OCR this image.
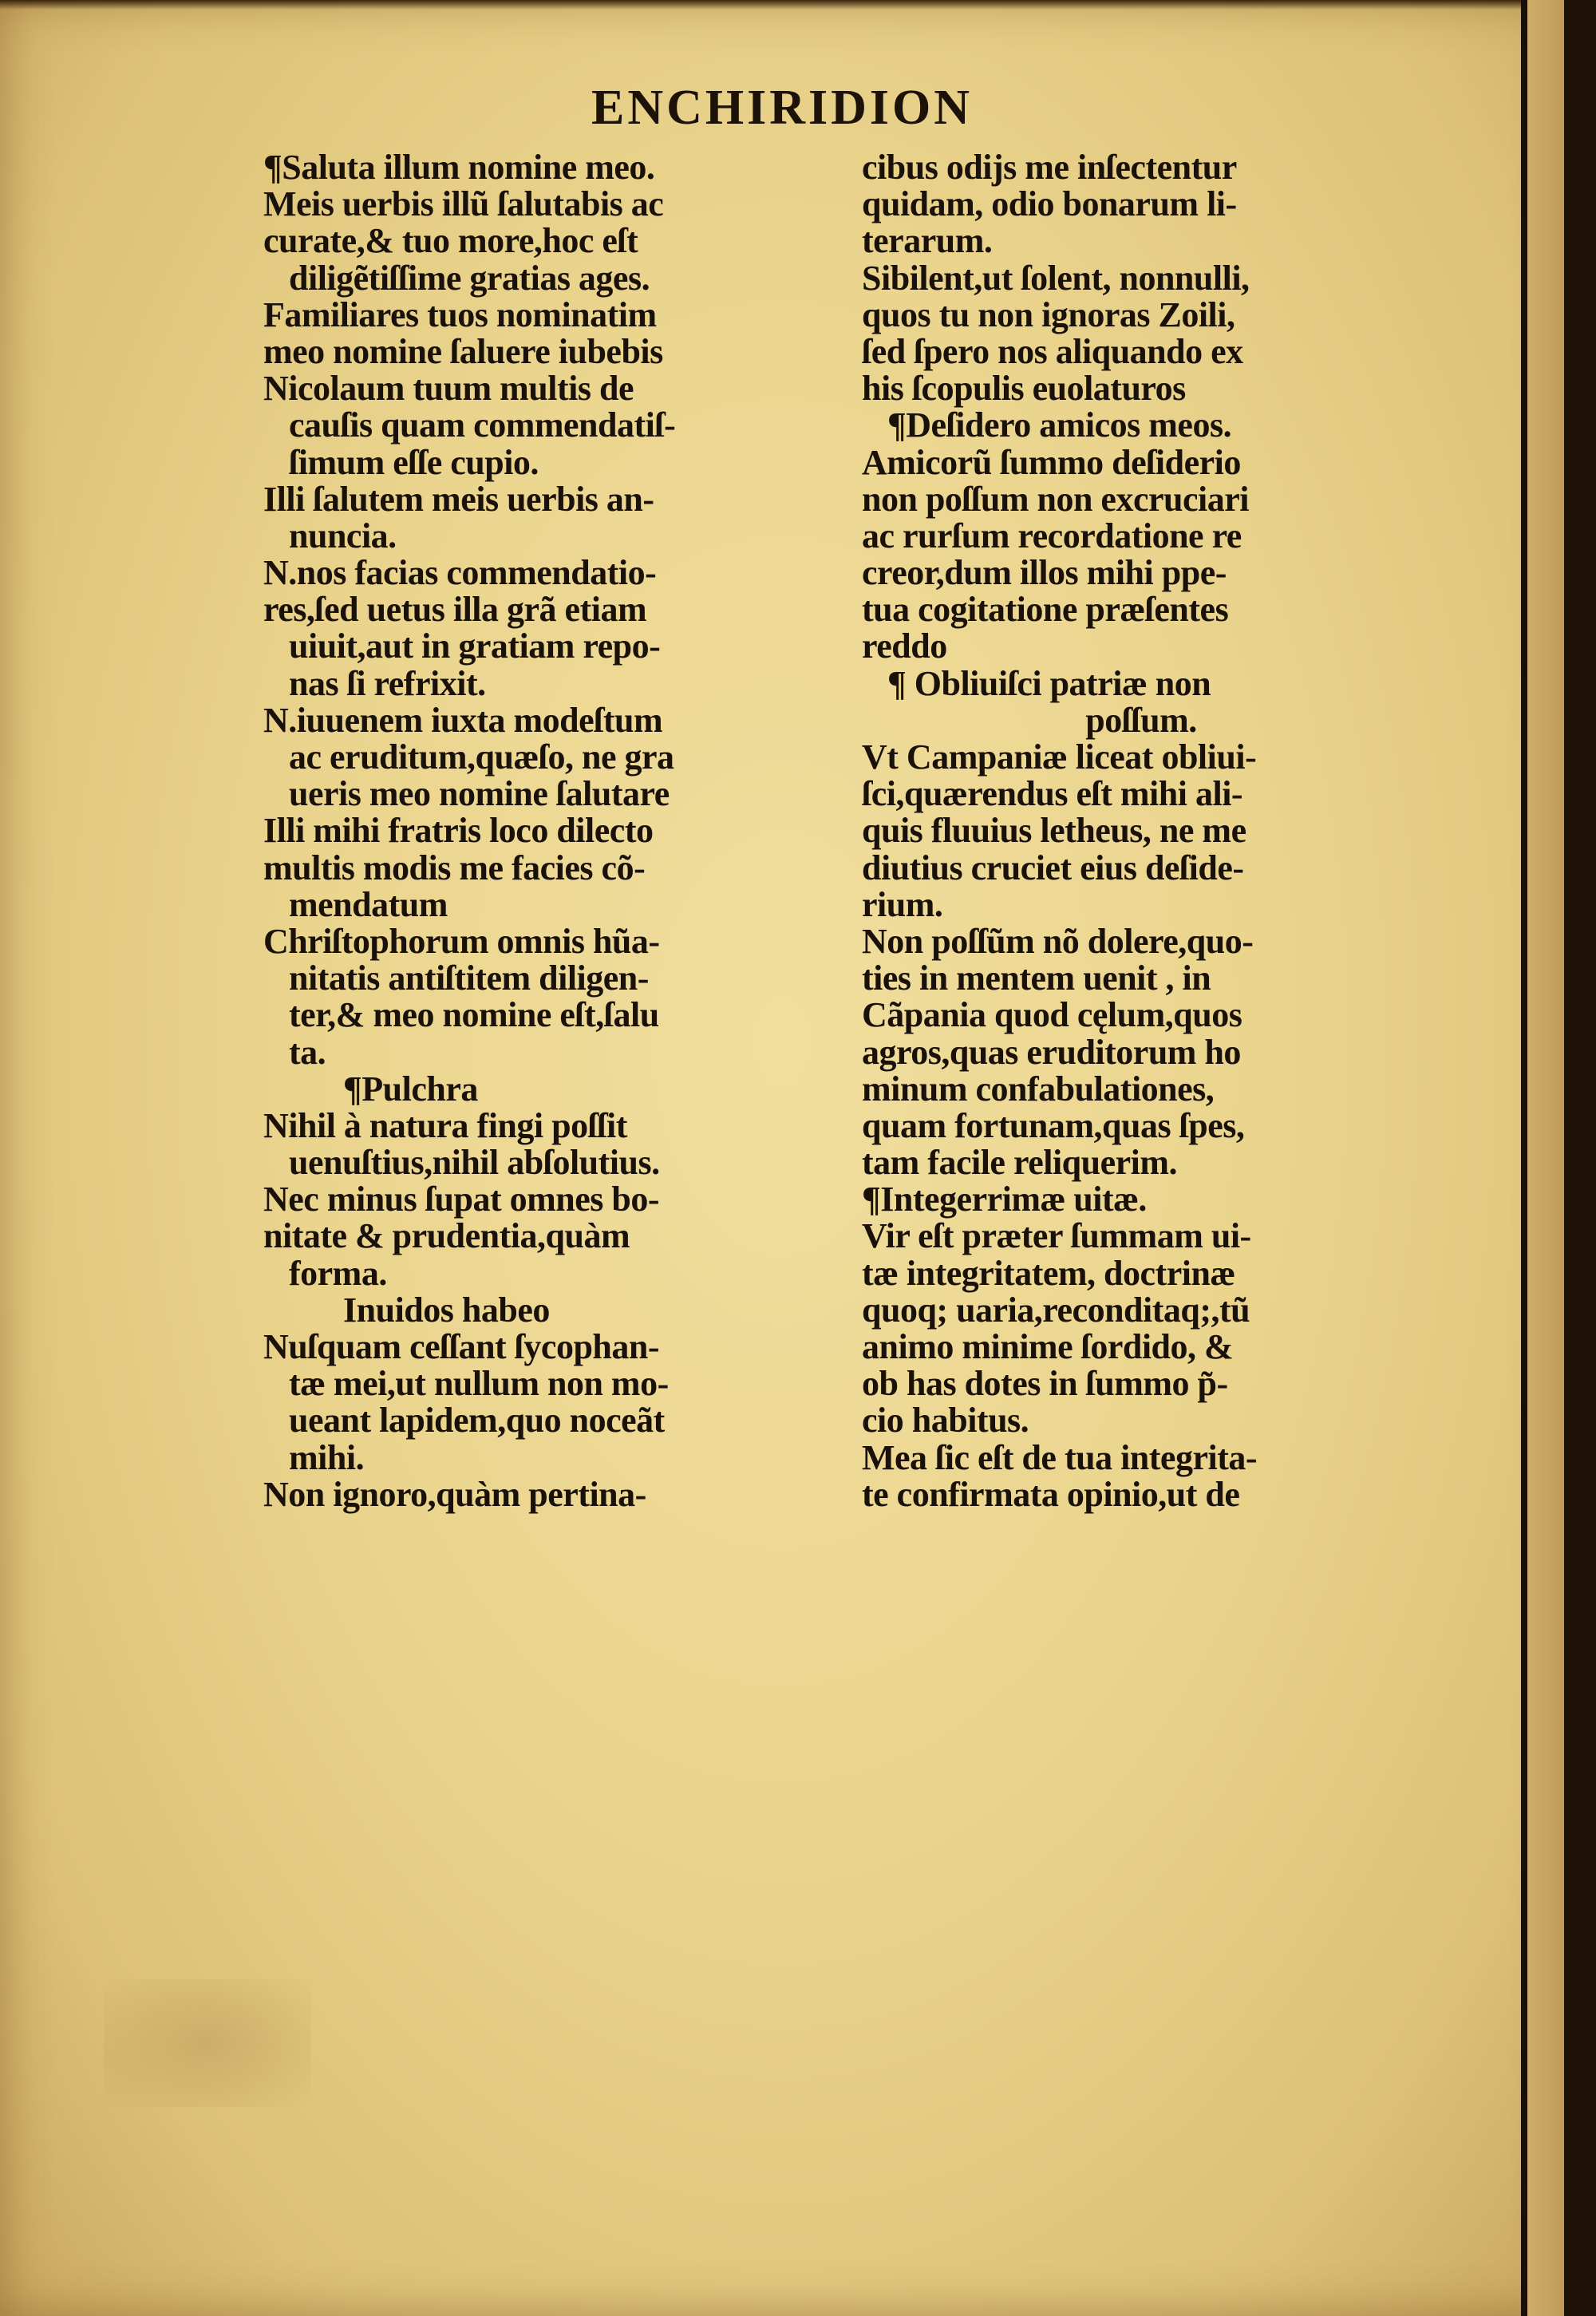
ENCHIRIDION
¶Saluta illum nomine meo.
Meis uerbis illũ ſalutabis ac
curate,& tuo more,hoc eſt
diligẽtiſſime gratias ages.
Familiares tuos nominatim
meo nomine ſaluere iubebis
Nicolaum tuum multis de
cauſis quam commendatiſ-
ſimum eſſe cupio.
Illi ſalutem meis uerbis an-
nuncia.
N.nos facias commendatio-
res,ſed uetus illa grã etiam
uiuit,aut in gratiam repo-
nas ſi refrixit.
N.iuuenem iuxta modeſtum
ac eruditum,quæſo, ne gra
ueris meo nomine ſalutare
Illi mihi fratris loco dilecto
multis modis me facies cõ-
mendatum
Chriſtophorum omnis hũa-
nitatis antiſtitem diligen-
ter,& meo nomine eſt,ſalu
ta.
¶Pulchra
Nihil à natura fingi poſſit
uenuſtius,nihil abſolutius.
Nec minus ſupat omnes bo-
nitate & prudentia,quàm
forma.
Inuidos habeo
Nuſquam ceſſant ſycophan-
tæ mei,ut nullum non mo-
ueant lapidem,quo noceãt
mihi.
Non ignoro,quàm pertina-
cibus odijs me inſectentur
quidam, odio bonarum li-
terarum.
Sibilent,ut ſolent, nonnulli,
quos tu non ignoras Zoili,
ſed ſpero nos aliquando ex
his ſcopulis euolaturos
¶Deſidero amicos meos.
Amicorũ ſummo deſiderio
non poſſum non excruciari
ac rurſum recordatione re
creor,dum illos mihi ppe-
tua cogitatione præſentes
reddo
¶ Obliuiſci patriæ non
poſſum.
Vt Campaniæ liceat obliui-
ſci,quærendus eſt mihi ali-
quis fluuius letheus, ne me
diutius cruciet eius deſide-
rium.
Non poſſũm nõ dolere,quo-
ties in mentem uenit , in
Cãpania quod cęlum,quos
agros,quas eruditorum ho
minum confabulationes,
quam fortunam,quas ſpes,
tam facile reliquerim.
¶Integerrimæ uitæ.
Vir eſt præter ſummam ui-
tæ integritatem, doctrinæ
quoq; uaria,reconditaq;,tũ
animo minime ſordido, &
ob has dotes in ſummo p̃-
cio habitus.
Mea ſic eſt de tua integrita-
te confirmata opinio,ut de
